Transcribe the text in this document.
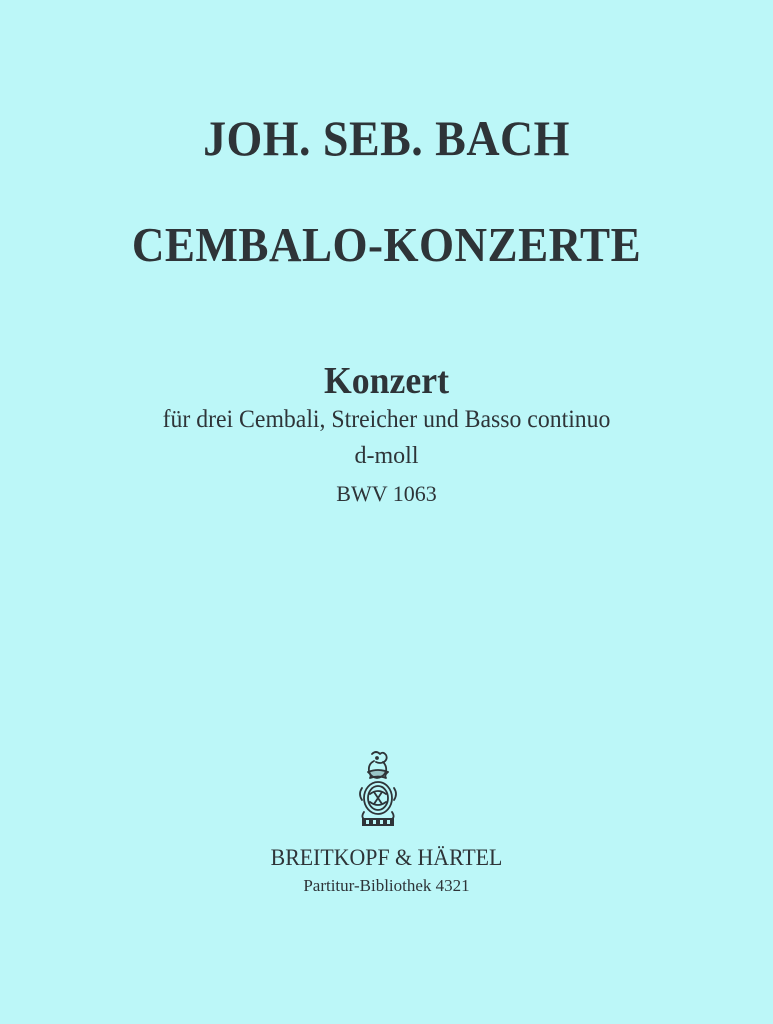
JOH. SEB. BACH
CEMBALO-KONZERTE
Konzert
für drei Cembali, Streicher und Basso continuo
d-moll
BWV 1063
BREITKOPF & HÄRTEL
Partitur-Bibliothek 4321
